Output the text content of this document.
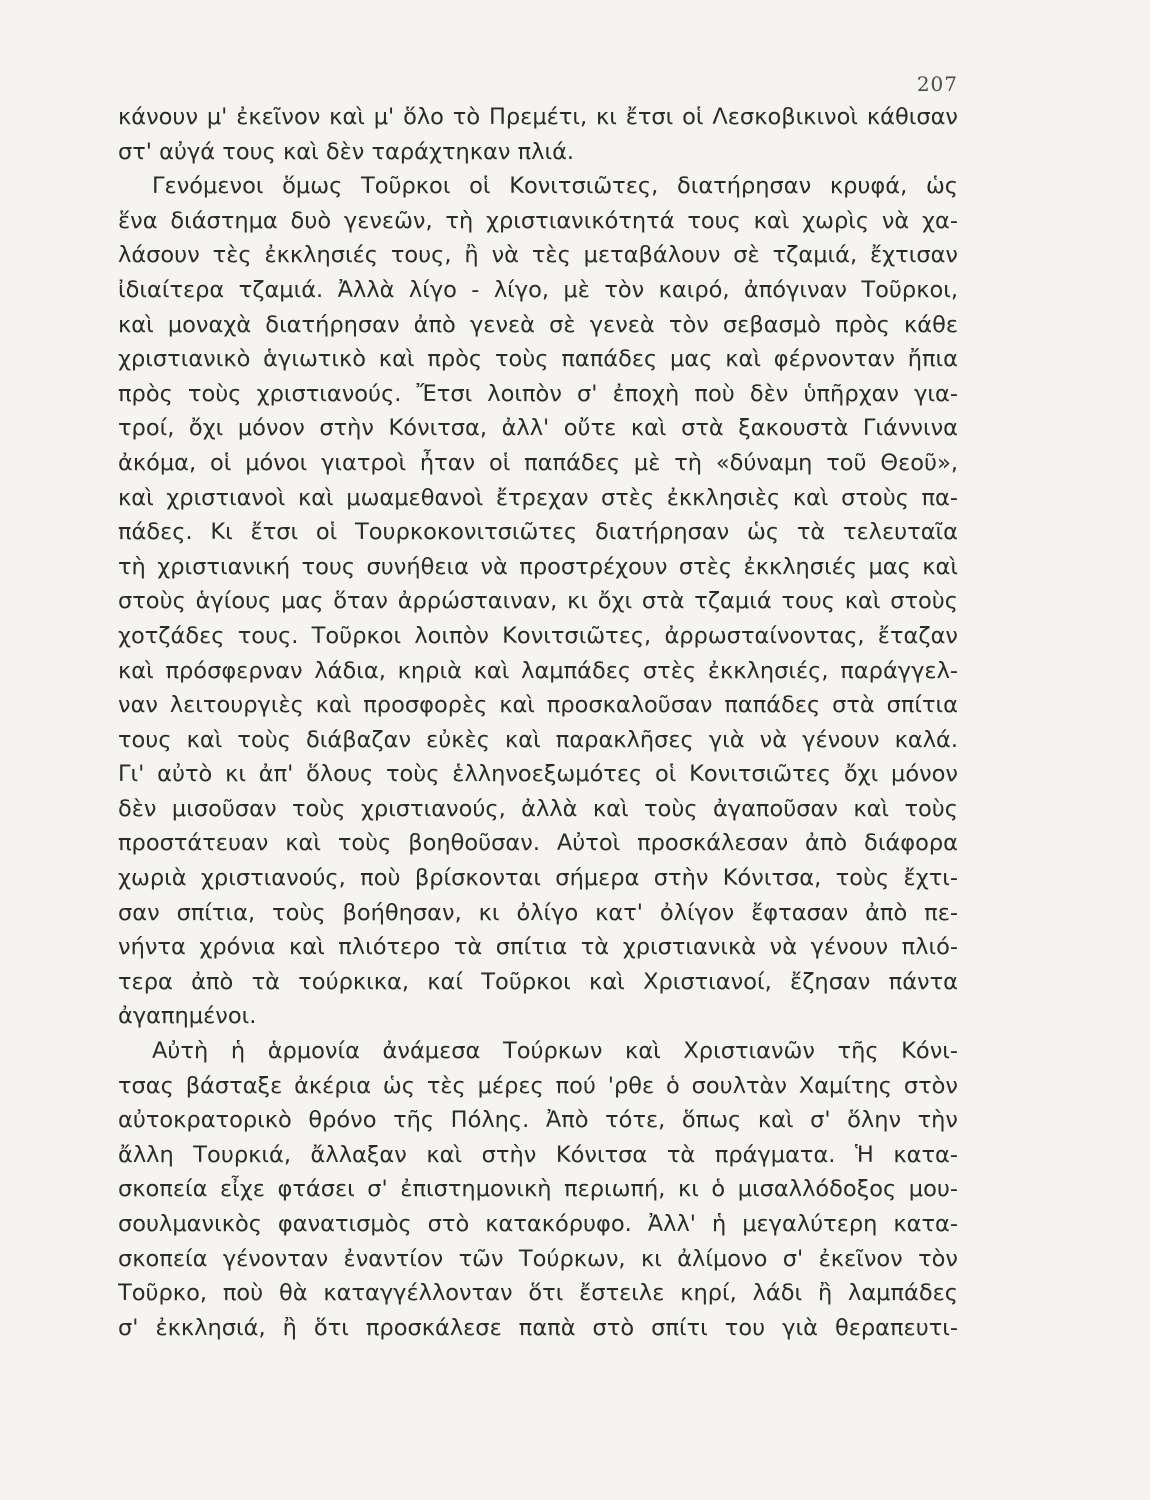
207
κάνουν μ' ἐκεῖνον καὶ μ' ὅλο τὸ Πρεμέτι, κι ἔτσι οἱ Λεσκοβικινοὶ κάθισαν
στ' αὐγά τους καὶ δὲν ταράχτηκαν πλιά.
Γενόμενοι ὅμως Τοῦρκοι οἱ Κονιτσιῶτες, διατήρησαν κρυφά, ὡς
ἕνα διάστημα δυὸ γενεῶν, τὴ χριστιανικότητά τους καὶ χωρὶς νὰ χα-
λάσουν τὲς ἐκκλησιές τους, ἢ νὰ τὲς μεταβάλουν σὲ τζαμιά, ἔχτισαν
ἰδιαίτερα τζαμιά. Ἀλλὰ λίγο - λίγο, μὲ τὸν καιρό, ἀπόγιναν Τοῦρκοι,
καὶ μοναχὰ διατήρησαν ἀπὸ γενεὰ σὲ γενεὰ τὸν σεβασμὸ πρὸς κάθε
χριστιανικὸ ἁγιωτικὸ καὶ πρὸς τοὺς παπάδες μας καὶ φέρνονταν ἤπια
πρὸς τοὺς χριστιανούς. Ἔτσι λοιπὸν σ' ἐποχὴ ποὺ δὲν ὑπῆρχαν για-
τροί, ὄχι μόνον στὴν Κόνιτσα, ἀλλ' οὔτε καὶ στὰ ξακουστὰ Γιάννινα
ἀκόμα, οἱ μόνοι γιατροὶ ἦταν οἱ παπάδες μὲ τὴ «δύναμη τοῦ Θεοῦ»,
καὶ χριστιανοὶ καὶ μωαμεθανοὶ ἔτρεχαν στὲς ἐκκλησιὲς καὶ στοὺς πα-
πάδες. Κι ἔτσι οἱ Τουρκοκονιτσιῶτες διατήρησαν ὡς τὰ τελευταῖα
τὴ χριστιανική τους συνήθεια νὰ προστρέχουν στὲς ἐκκλησιές μας καὶ
στοὺς ἁγίους μας ὅταν ἀρρώσταιναν, κι ὄχι στὰ τζαμιά τους καὶ στοὺς
χοτζάδες τους. Τοῦρκοι λοιπὸν Κονιτσιῶτες, ἀρρωσταίνοντας, ἔταζαν
καὶ πρόσφερναν λάδια, κηριὰ καὶ λαμπάδες στὲς ἐκκλησιές, παράγγελ-
ναν λειτουργιὲς καὶ προσφορὲς καὶ προσκαλοῦσαν παπάδες στὰ σπίτια
τους καὶ τοὺς διάβαζαν εὐκὲς καὶ παρακλῆσες γιὰ νὰ γένουν καλά.
Γι' αὐτὸ κι ἀπ' ὅλους τοὺς ἑλληνοεξωμότες οἱ Κονιτσιῶτες ὄχι μόνον
δὲν μισοῦσαν τοὺς χριστιανούς, ἀλλὰ καὶ τοὺς ἀγαποῦσαν καὶ τοὺς
προστάτευαν καὶ τοὺς βοηθοῦσαν. Αὐτοὶ προσκάλεσαν ἀπὸ διάφορα
χωριὰ χριστιανούς, ποὺ βρίσκονται σήμερα στὴν Κόνιτσα, τοὺς ἔχτι-
σαν σπίτια, τοὺς βοήθησαν, κι ὀλίγο κατ' ὀλίγον ἔφτασαν ἀπὸ πε-
νήντα χρόνια καὶ πλιότερο τὰ σπίτια τὰ χριστιανικὰ νὰ γένουν πλιό-
τερα ἀπὸ τὰ τούρκικα, καί Τοῦρκοι καὶ Χριστιανοί, ἔζησαν πάντα
ἀγαπημένοι.
Αὐτὴ ἡ ἁρμονία ἀνάμεσα Τούρκων καὶ Χριστιανῶν τῆς Κόνι-
τσας βάσταξε ἀκέρια ὡς τὲς μέρες πού 'ρθε ὁ σουλτὰν Χαμίτης στὸν
αὐτοκρατορικὸ θρόνο τῆς Πόλης. Ἀπὸ τότε, ὅπως καὶ σ' ὅλην τὴν
ἄλλη Τουρκιά, ἄλλαξαν καὶ στὴν Κόνιτσα τὰ πράγματα. Ἡ κατα-
σκοπεία εἶχε φτάσει σ' ἐπιστημονικὴ περιωπή, κι ὁ μισαλλόδοξος μου-
σουλμανικὸς φανατισμὸς στὸ κατακόρυφο. Ἀλλ' ἡ μεγαλύτερη κατα-
σκοπεία γένονταν ἐναντίον τῶν Τούρκων, κι ἀλίμονο σ' ἐκεῖνον τὸν
Τοῦρκο, ποὺ θὰ καταγγέλλονταν ὅτι ἔστειλε κηρί, λάδι ἢ λαμπάδες
σ' ἐκκλησιά, ἢ ὅτι προσκάλεσε παπὰ στὸ σπίτι του γιὰ θεραπευτι-
